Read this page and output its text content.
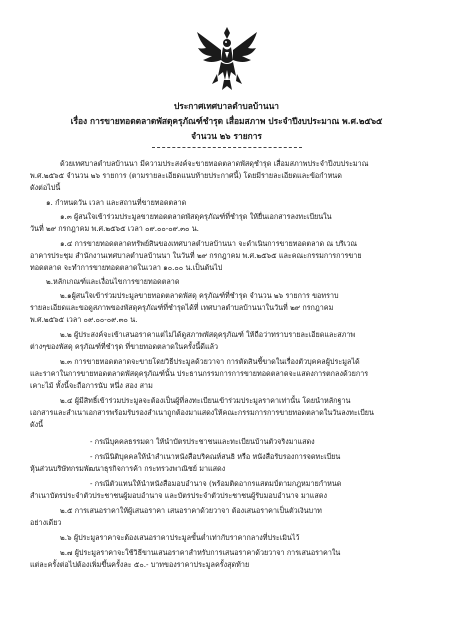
ประกาศเทศบาลตำบลบ้านนา
เรื่อง การขายทอดตลาดพัสดุครุภัณฑ์ชำรุด เสื่อมสภาพ ประจำปีงบประมาณ พ.ศ.๒๕๖๕
จำนวน ๒๖ รายการ
ด้วยเทศบาลตำบลบ้านนา มีความประสงค์จะขายทอดตลาดพัสดุชำรุด เสื่อมสภาพประจำปีงบประมาณ
พ.ศ.๒๕๖๕ จำนวน ๒๖ รายการ (ตามรายละเอียดแนบท้ายประกาศนี้) โดยมีรายละเอียดและข้อกำหนด
ดังต่อไปนี้
๑. กำหนดวัน เวลา และสถานที่ขายทอดตลาด
๑.๓ ผู้สนใจเข้าร่วมประมูลขายทอดตลาดพัสดุครุภัณฑ์ที่ชำรุด ให้ยื่นเอกสารลงทะเบียนใน
วันที่ ๒๙ กรกฎาคม พ.ศ.๒๕๖๕ เวลา ๐๙.๐๐-๐๙.๓๐ น.
๑.๔ การขายทอดตลาดทรัพย์สินของเทศบาลตำบลบ้านนา จะดำเนินการขายทอดตลาด ณ บริเวณ
อาคารประชุม สำนักงานเทศบาลตำบลบ้านนา ในวันที่ ๒๙ กรกฎาคม พ.ศ.๒๕๖๕ และคณะกรรมการการขาย
ทอดตลาด จะทำการขายทอดตลาดในเวลา ๑๐.๐๐ น.เป็นต้นไป
๒.หลักเกณฑ์และเงื่อนไขการขายทอดตลาด
๒.๑ผู้สนใจเข้าร่วมประมูลขายทอดตลาดพัสดุ ครุภัณฑ์ที่ชำรุด จำนวน ๒๖ รายการ ขอทราบ
รายละเอียดและขอดูสภาพของพัสดุครุภัณฑ์ที่ชำรุดได้ที่ เทศบาลตำบลบ้านนาในวันที่ ๒๙ กรกฎาคม
พ.ศ.๒๕๖๕ เวลา ๐๙.๐๐-๐๙.๓๐ น.
๒.๒ ผู้ประสงค์จะเข้าเสนอราคาแต่ไม่ได้ดูสภาพพัสดุครุภัณฑ์ ให้ถือว่าทราบรายละเอียดและสภาพ
ต่างๆของพัสดุ ครุภัณฑ์ที่ชำรุด ที่ขายทอดตลาดในครั้งนี้ดีแล้ว
๒.๓ การขายทอดตลาดจะขายโดยวิธีประมูลด้วยวาจา การตัดสินชี้ขาดในเรื่องตัวบุคคลผู้ประมูลได้
และราคาในการขายทอดตลาดพัสดุครุภัณฑ์นั้น ประธานกรรมการการขายทอดตลาดจะแสดงการตกลงด้วยการ
เคาะไม้ ทั้งนี้จะถือการนับ หนึ่ง สอง สาม
๒.๔ ผู้มีสิทธิ์เข้าร่วมประมูลจะต้องเป็นผู้ที่ลงทะเบียนเข้าร่วมประมูลราคาเท่านั้น โดยนำหลักฐาน
เอกสารและสำเนาเอกสารพร้อมรับรองสำเนาถูกต้องมาแสดงให้คณะกรรมการการขายทอดตลาดในวันลงทะเบียน
ดังนี้
- กรณีบุคคลธรรมดา ให้นำบัตรประชาชนและทะเบียนบ้านตัวจริงมาแสดง
- กรณีนิติบุคคลให้นำสำเนาหนังสือบริคณห์สนธิ หรือ หนังสือรับรองการจดทะเบียน
หุ้นส่วนบริษัทกรมพัฒนาธุรกิจการค้า กระทรวงพาณิชย์ มาแสดง
- กรณีตัวแทนให้นำหนังสือมอบอำนาจ (พร้อมติดอากรแสตมป์ตามกฎหมายกำหนด
สำเนาบัตรประจำตัวประชาชนผู้มอบอำนาจ และบัตรประจำตัวประชาชนผู้รับมอบอำนาจ มาแสดง
๒.๕ การเสนอราคาให้ผู้เสนอราคา เสนอราคาด้วยวาจา ต้องเสนอราคาเป็นตัวเงินบาท
อย่างเดียว
๒.๖ ผู้ประมูลราคาจะต้องเสนอราคาประมูลขั้นต่ำเท่ากับราคากลางที่ประเมินไว้
๒.๗ ผู้ประมูลราคาจะใช้วิธีขานเสนอราคาสำหรับการเสนอราคาด้วยวาจา การเสนอราคาใน
แต่ละครั้งต่อไปต้องเพิ่มขึ้นครั้งละ ๕๐.- บาทของราคาประมูลครั้งสุดท้าย
